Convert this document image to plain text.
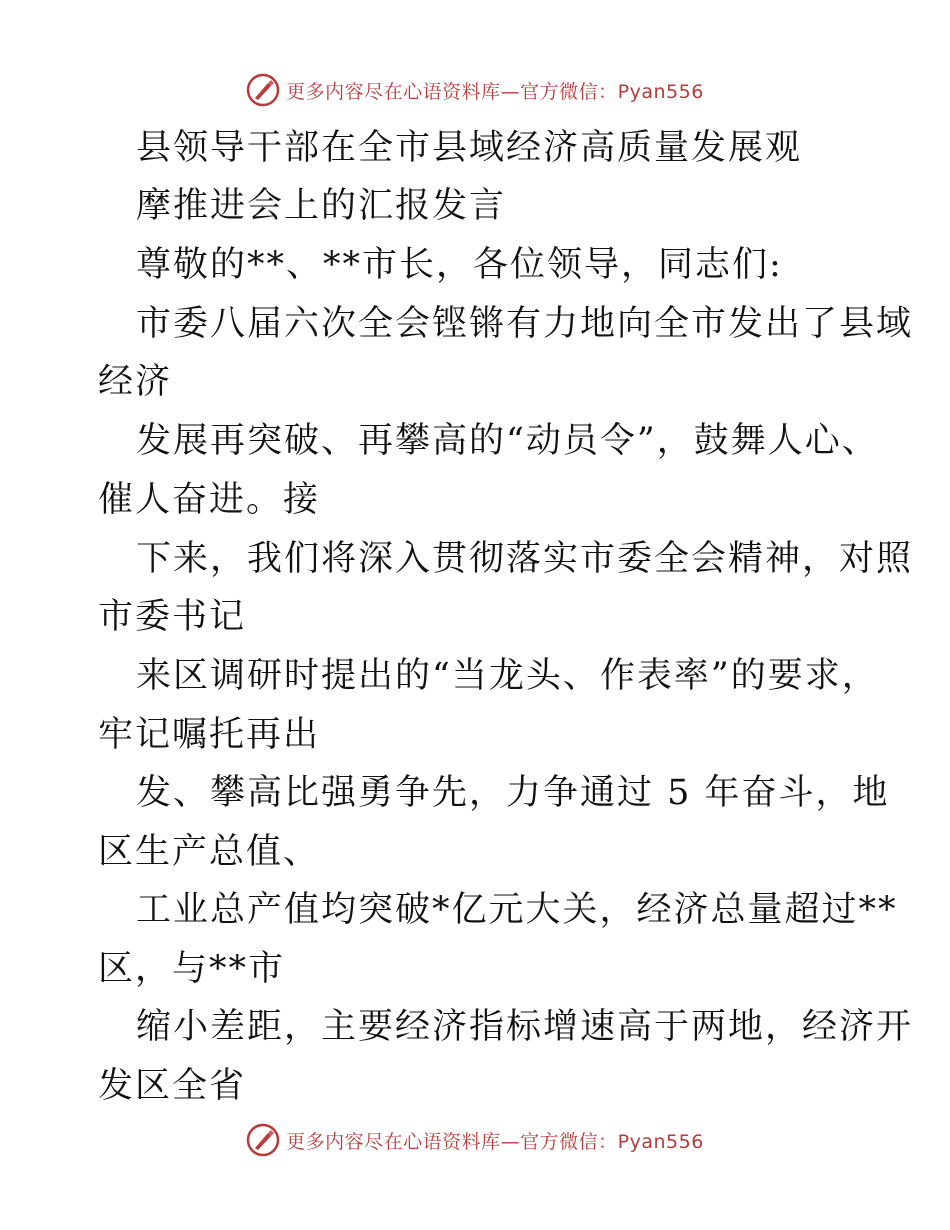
更多内容尽在心语资料库—官方微信：Pyan556
县领导干部在全市县域经济高质量发展观
摩推进会上的汇报发言
尊敬的**、**市长，各位领导，同志们:
市委八届六次全会铿锵有力地向全市发出了县域
经济
发展再突破、再攀高的“动员令”，鼓舞人心、
催人奋进。接
下来，我们将深入贯彻落实市委全会精神，对照
市委书记
来区调研时提出的“当龙头、作表率”的要求，
牢记嘱托再出
发、攀高比强勇争先，力争通过 5 年奋斗，地
区生产总值、
工业总产值均突破*亿元大关，经济总量超过**
区，与**市
缩小差距，主要经济指标增速高于两地，经济开
发区全省
更多内容尽在心语资料库—官方微信：Pyan556
